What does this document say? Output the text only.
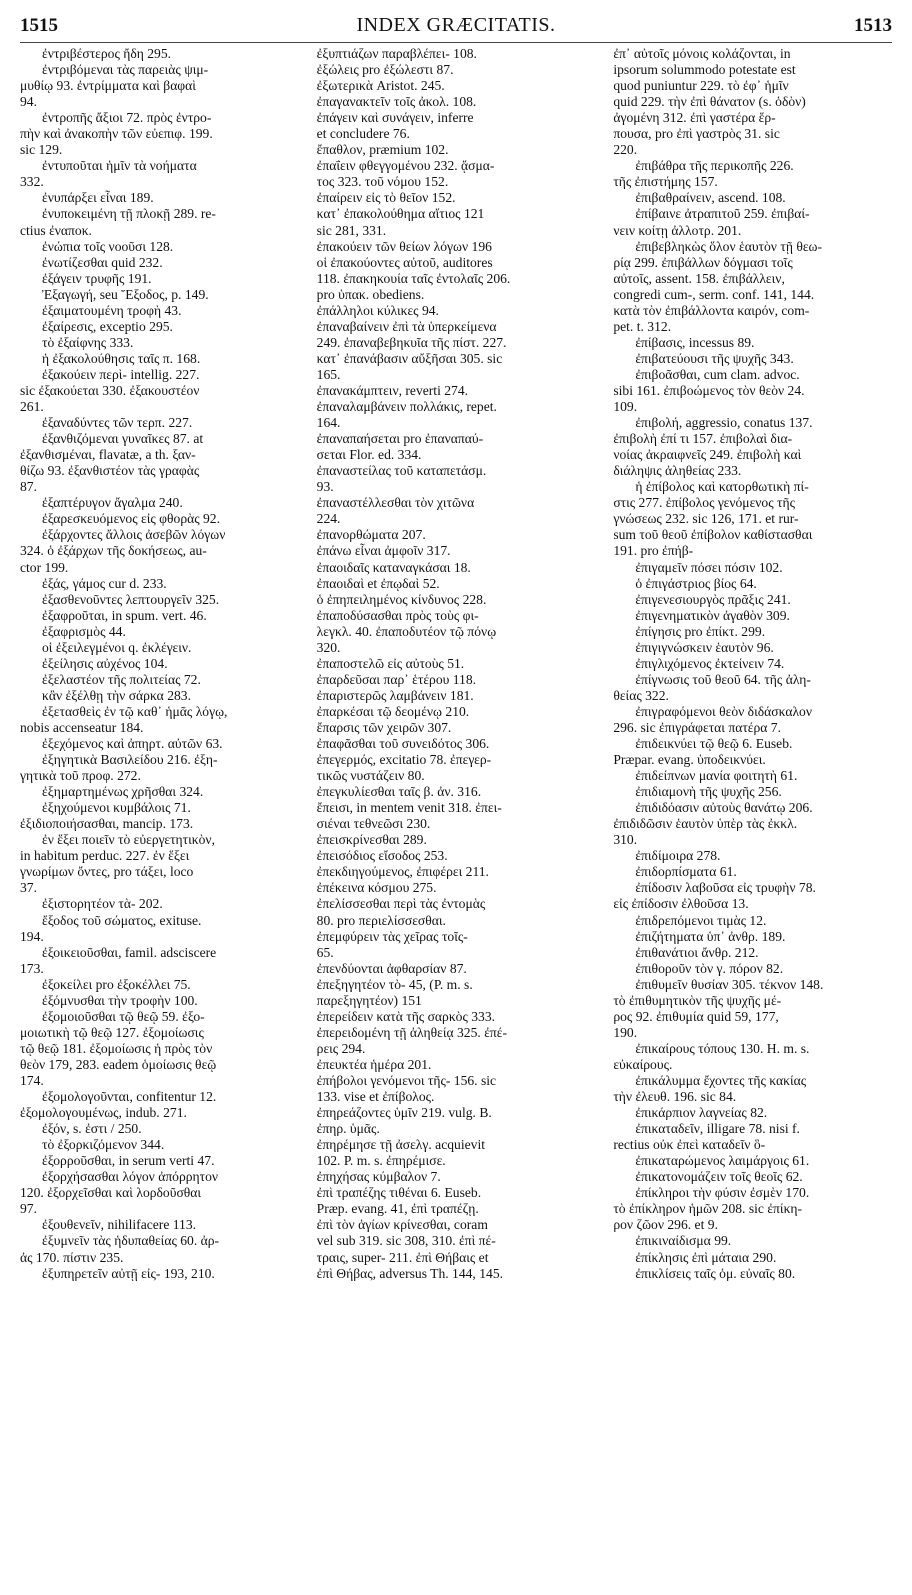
1515	INDEX GRÆCITATIS.	1513
ἐντριβέστερος ἤδη 295.
ἐντριβόμεναι τὰς παρειὰς ψιμ-
μυθίῳ 93. ἐντρίμματα καὶ βαφαὶ
94.
ἐντροπῆς ἄξιοι 72. πρὸς ἐντρο-
πὴν καὶ ἀνακοπὴν τῶν εὐεπιφ. 199.
sic 129.
ἐντυποῦται ἡμῖν τὰ νοήματα
332.
ἐνυπάρξει εἶναι 189.
ἐνυποκειμένη τῇ πλοκῇ 289. re-
ctius ἐναποκ.
ἐνώπια τοῖς νοοῦσι 128.
ἐνωτίζεσθαι quid 232.
ἐξάγειν τρυφῆς 191.
Ἐξαγωγή, seu Ἔξοδος, p. 149.
ἐξαιματουμένη τροφὴ 43.
ἐξαίρεσις, exceptio 295.
τὸ ἐξαίφνης 333.
ἡ ἐξακολούθησις ταῖς π. 168.
ἐξακούειν περὶ- intellig. 227.
sic ἐξακούεται 330. ἐξακουστέον
261.
ἐξαναδύντες τῶν τερπ. 227.
ἐξανθιζόμεναι γυναῖκες 87. at
ἐξανθισμέναι, flavatæ, a th. ξαν-
θίζω 93. ἐξανθιστέον τὰς γραφὰς
87.
ἐξαπτέρυγον ἄγαλμα 240.
ἐξαρεσκευόμενος εἰς φθορὰς 92.
ἐξάρχοντες ἄλλοις ἀσεβῶν λόγων
324. ὁ ἐξάρχων τῆς δοκήσεως, au-
ctor 199.
ἐξάς, γάμος cur d. 233.
ἐξασθενοῦντες λεπτουργεῖν 325.
ἐξαφροῦται, in spum. vert. 46.
ἐξαφρισμὸς 44.
οἱ ἐξειλεγμένοι q. ἐκλέγειν.
ἐξείλησις αὐχένος 104.
ἐξελαστέον τῆς πολιτείας 72.
κἂν ἐξέλθῃ τὴν σάρκα 283.
ἐξετασθεὶς ἐν τῷ καθ᾽ ἡμᾶς λόγῳ,
nobis accenseatur 184.
ἐξεχόμενος καὶ ἀπηρτ. αὐτῶν 63.
ἐξηγητικὰ Βασιλείδου 216. ἐξη-
γητικὰ τοῦ προφ. 272.
ἐξημαρτημένως χρῆσθαι 324.
ἐξηχούμενοι κυμβάλοις 71.
ἐξιδιοποιήσασθαι, mancip. 173.
ἐν ἕξει ποιεῖν τὸ εὐεργετητικὸν,
in habitum perduc. 227. ἐν ἕξει
γνωρίμων ὄντες, pro τάξει, loco
37.
ἐξιστορητέον τὰ- 202.
ἔξοδος τοῦ σώματος, exituse.
194.
ἐξοικειοῦσθαι, famil. adsciscere
173.
ἐξοκείλει pro ἐξοκέλλει 75.
ἐξόμνυσθαι τὴν τροφὴν 100.
ἐξομοιοῦσθαι τῷ θεῷ 59. ἐξο-
μοιωτικὴ τῷ θεῷ 127. ἐξομοίωσις
τῷ θεῷ 181. ἐξομοίωσις ἡ πρὸς τὸν
θεὸν 179, 283. eadem ὁμοίωσις θεῷ
174.
ἐξομολογοῦνται, confitentur 12.
ἐξομολογουμένως, indub. 271.
ἐξόν, s. ἐστι / 250.
τὸ ἐξορκιζόμενον 344.
ἐξορροῦσθαι, in serum verti 47.
ἐξορχήσασθαι λόγον ἀπόρρητον
120. ἐξορχεῖσθαι καὶ λορδοῦσθαι
97.
ἐξουθενεῖν, nihilifacere 113.
ἐξυμνεῖν τὰς ἡδυπαθείας 60. ἀρ-
ἀς 170. πίστιν 235.
ἐξυπηρετεῖν αὐτῇ εἰς- 193, 210.
ἐξυπτιάζων παραβλέπει- 108.
ἐξώλεις pro ἐξώλεστι 87.
ἐξωτερικὰ Aristot. 245.
ἐπαγανακτεῖν τοῖς ἀκολ. 108.
ἐπάγειν καὶ συνάγειν, inferre
et concludere 76.
ἔπαθλον, præmium 102.
ἐπαΐειν φθεγγομένου 232. ᾄσμα-
τος 323. τοῦ νόμου 152.
ἐπαίρειν εἰς τὸ θεῖον 152.
κατ᾽ ἐπακολούθημα αἴτιος 121
sic 281, 331.
ἐπακούειν τῶν θείων λόγων 196
οἱ ἐπακούοντες αὐτοῦ, auditores
118. ἐπακηκουία ταῖς ἐντολαῖς 206.
pro ὑπακ. obediens.
ἐπάλληλοι κύλικες 94.
ἐπαναβαίνειν ἐπὶ τὰ ὑπερκείμενα
249. ἐπαναβεβηκυῖα τῆς πίστ. 227.
κατ᾽ ἐπανάβασιν αὔξῆσαι 305. sic
165.
ἐπανακάμπτειν, reverti 274.
ἐπαναλαμβάνειν πολλάκις, repet.
164.
ἐπαναπαήσεται pro ἐπαναπαύ-
σεται Flor. ed. 334.
ἐπαναστείλας τοῦ καταπετάσμ.
93.
ἐπαναστέλλεσθαι τὸν χιτῶνα
224.
ἐπανορθώματα 207.
ἐπάνω εἶναι ἀμφοῖν 317.
ἐπαοιδαῖς καταναγκάσαι 18.
ἐπαοιδαὶ et ἐπῳδαὶ 52.
ὁ ἐπηπειλημένος κίνδυνος 228.
ἐπαποδύσασθαι πρὸς τοὺς φι-
λεγκλ. 40. ἐπαποδυτέον τῷ πόνῳ
320.
ἐπαποστελῶ εἰς αὐτοὺς 51.
ἐπαρδεῦσαι παρ᾽ ἑτέρου 118.
ἐπαριστερῶς λαμβάνειν 181.
ἐπαρκέσαι τῷ δεομένῳ 210.
ἔπαρσις τῶν χειρῶν 307.
ἐπαφᾶσθαι τοῦ συνειδότος 306.
ἐπεγερμός, excitatio 78. ἐπεγερ-
τικῶς νυστάζειν 80.
ἐπεγκυλίεσθαι ταῖς β. ἀν. 316.
ἔπεισι, in mentem venit 318. ἐπει-
σιέναι τεθνεῶσι 230.
ἐπεισκρίνεσθαι 289.
ἐπεισόδιος εἴσοδος 253.
ἐπεκδιηγούμενος, ἐπιφέρει 211.
ἐπέκεινα κόσμου 275.
ἐπελίσσεσθαι περὶ τὰς ἐντομὰς
80. pro περιελίσσεσθαι.
ἐπεμφύρειν τὰς χεῖρας τοῖς-
65.
ἐπενδύονται ἀφθαρσίαν 87.
ἐπεξηγητέον τὸ- 45, (P. m. s.
παρεξηγητέον) 151
ἐπερείδειν κατὰ τῆς σαρκὸς 333.
ἐπερειδομένη τῇ ἀληθείᾳ 325. ἐπέ-
ρεις 294.
ἐπευκτέα ἡμέρα 201.
ἐπήβολοι γενόμενοι τῆς- 156. sic
133. vise et ἐπίβολος.
ἐπηρεάζοντες ὑμῖν 219. vulg. B.
ἐπηρ. ὑμᾶς.
ἐπηρέμησε τῇ ἀσελγ. acquievit
102. P. m. s. ἐπηρέμισε.
ἐπηχήσας κύμβαλον 7.
ἐπὶ τραπέζης τιθέναι 6. Euseb.
Præp. evang. 41, ἐπὶ τραπέζῃ.
ἐπὶ τὸν ἁγίων κρίνεσθαι, coram
vel sub 319. sic 308, 310. ἐπὶ πέ-
τραις, super- 211. ἐπὶ Θήβαις et
ἐπὶ Θήβας, adversus Th. 144, 145.
ἐπ᾽ αὐτοῖς μόνοις κολάζονται, in
ipsorum solummodo potestate est
quod puniuntur 229. τὸ ἐφ᾽ ἡμῖν
quid 229. τὴν ἐπὶ θάνατον (s. ὁδὸν)
ἀγομένη 312. ἐπὶ γαστέρα ἕρ-
πουσα, pro ἐπὶ γαστρὸς 31. sic
220.
ἐπιβάθρα τῆς περικοπῆς 226.
τῆς ἐπιστήμης 157.
ἐπιβαθραίνειν, ascend. 108.
ἐπίβαινε ἀτραπιτοῦ 259. ἐπιβαί-
νειν κοίτῃ ἀλλοτρ. 201.
ἐπιβεβληκὼς ὅλον ἑαυτὸν τῇ θεω-
ρίᾳ 299. ἐπιβάλλων δόγμασι τοῖς
αὐτοῖς, assent. 158. ἐπιβάλλειν,
congredi cum-, serm. conf. 141, 144.
κατὰ τὸν ἐπιβάλλοντα καιρόν, com-
pet. t. 312.
ἐπίβασις, incessus 89.
ἐπιβατεύουσι τῆς ψυχῆς 343.
ἐπιβοᾶσθαι, cum clam. advoc.
sibi 161. ἐπιβοώμενος τὸν θεὸν 24.
109.
ἐπιβολή, aggressio, conatus 137.
ἐπιβολὴ ἐπί τι 157. ἐπιβολαὶ δια-
νοίας ἀκραιφνεῖς 249. ἐπιβολὴ καὶ
διάληψις ἀληθείας 233.
ἡ ἐπίβολος καὶ κατορθωτικὴ πί-
στις 277. ἐπίβολος γενόμενος τῆς
γνώσεως 232. sic 126, 171. et rur-
sum τοῦ θεοῦ ἐπίβολον καθίστασθαι
191. pro ἐπήβ-
ἐπιγαμεῖν πόσει πόσιν 102.
ὁ ἐπιγάστριος βίος 64.
ἐπιγενεσιουργὸς πρᾶξις 241.
ἐπιγενηματικὸν ἀγαθὸν 309.
ἐπίγησις pro ἐπίκτ. 299.
ἐπιγιγνώσκειν ἑαυτὸν 96.
ἐπιγλιχόμενος ἐκτείνειν 74.
ἐπίγνωσις τοῦ θεοῦ 64. τῆς ἀλη-
θείας 322.
ἐπιγραφόμενοι θεὸν διδάσκαλον
296. sic ἐπιγράφεται πατέρα 7.
ἐπιδεικνύει τῷ θεῷ 6. Euseb.
Præpar. evang. ὑποδεικνύει.
ἐπιδείπνων μανία φοιτητὴ 61.
ἐπιδιαμονὴ τῆς ψυχῆς 256.
ἐπιδιδόασιν αὐτοὺς θανάτῳ 206.
ἐπιδιδῶσιν ἑαυτὸν ὑπὲρ τὰς ἐκκλ.
310.
ἐπιδίμοιρα 278.
ἐπιδορπίσματα 61.
ἐπίδοσιν λαβοῦσα εἰς τρυφὴν 78.
εἰς ἐπίδοσιν ἐλθοῦσα 13.
ἐπιδρεπόμενοι τιμὰς 12.
ἐπιζήτηματα ὑπ᾽ ἀνθρ. 189.
ἐπιθανάτιοι ἄνθρ. 212.
ἐπιθοροῦν τὸν γ. πόρον 82.
ἐπιθυμεῖν θυσίαν 305. τέκνον 148.
τὸ ἐπιθυμητικὸν τῆς ψυχῆς μέ-
ρος 92. ἐπιθυμία quid 59, 177,
190.
ἐπικαίρους τόπους 130. H. m. s.
εὐκαίρους.
ἐπικάλυμμα ἔχοντες τῆς κακίας
τὴν ἐλευθ. 196. sic 84.
ἐπικάρπιον λαγνείας 82.
ἐπικαταδεῖν, illigare 78. nisi f.
rectius οὐκ ἐπεὶ καταδεῖν ὃ-
ἐπικαταρώμενος λαιμάργοις 61.
ἐπικατονομάζειν τοῖς θεοῖς 62.
ἐπίκληροι τὴν φύσιν ἐσμὲν 170.
τὸ ἐπίκληρον ἡμῶν 208. sic ἐπίκη-
ρον ζῶον 296. et 9.
ἐπικιναίδισμα 99.
ἐπίκλησις ἐπὶ μάταια 290.
ἐπικλίσεις ταῖς ὁμ. εὐναῖς 80.
